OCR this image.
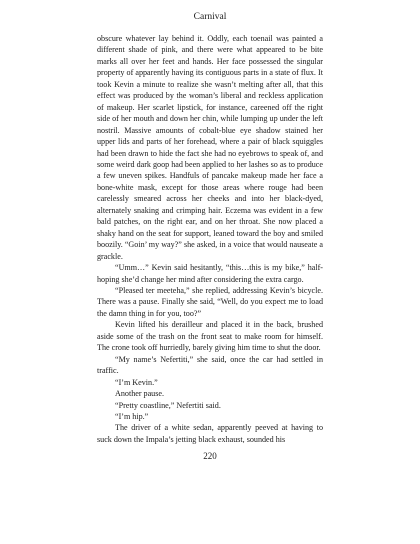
Carnival

obscure whatever lay behind it. Oddly, each toenail was painted a different shade of pink, and there were what appeared to be bite marks all over her feet and hands. Her face possessed the singular property of apparently having its contiguous parts in a state of flux. It took Kevin a minute to realize she wasn’t melting after all, that this effect was produced by the woman’s liberal and reckless application of makeup. Her scarlet lipstick, for instance, careened off the right side of her mouth and down her chin, while lumping up under the left nostril. Massive amounts of cobalt-blue eye shadow stained her upper lids and parts of her forehead, where a pair of black squiggles had been drawn to hide the fact she had no eyebrows to speak of, and some weird dark goop had been applied to her lashes so as to produce a few uneven spikes. Handfuls of pancake makeup made her face a bone-white mask, except for those areas where rouge had been carelessly smeared across her cheeks and into her black-dyed, alternately snaking and crimping hair. Eczema was evident in a few bald patches, on the right ear, and on her throat. She now placed a shaky hand on the seat for support, leaned toward the boy and smiled boozily. “Goin’ my way?” she asked, in a voice that would nauseate a grackle.

“Umm…” Kevin said hesitantly, “this…this is my bike,” half-hoping she’d change her mind after considering the extra cargo.

“Pleased ter meeteha,” she replied, addressing Kevin’s bicycle. There was a pause. Finally she said, “Well, do you expect me to load the damn thing in for you, too?”

Kevin lifted his derailleur and placed it in the back, brushed aside some of the trash on the front seat to make room for himself. The crone took off hurriedly, barely giving him time to shut the door.

“My name’s Nefertiti,” she said, once the car had settled in traffic.

“I’m Kevin.”

Another pause.

“Pretty coastline,” Nefertiti said.

“I’m hip.”

The driver of a white sedan, apparently peeved at having to suck down the Impala’s jetting black exhaust, sounded his

220
